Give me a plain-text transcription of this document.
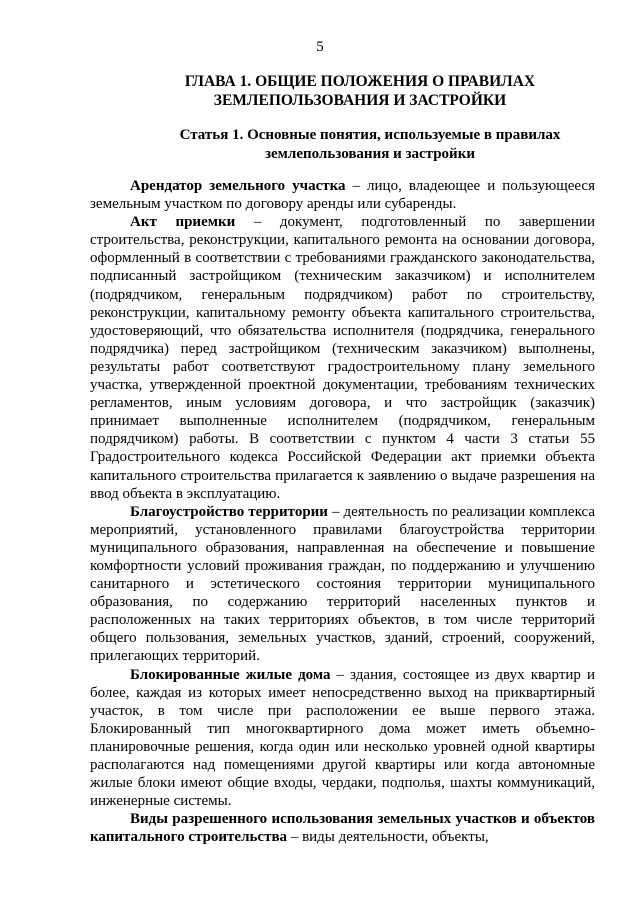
5
ГЛАВА 1. ОБЩИЕ ПОЛОЖЕНИЯ О ПРАВИЛАХ
ЗЕМЛЕПОЛЬЗОВАНИЯ И ЗАСТРОЙКИ
Статья 1. Основные понятия, используемые в правилах
землепользования и застройки

Арендатор земельного участка – лицо, владеющее и пользующееся земельным участком по договору аренды или субаренды.

Акт приемки – документ, подготовленный по завершении строительства, реконструкции, капитального ремонта на основании договора, оформленный в соответствии с требованиями гражданского законодательства, подписанный застройщиком (техническим заказчиком) и исполнителем (подрядчиком, генеральным подрядчиком) работ по строительству, реконструкции, капитальному ремонту объекта капитального строительства, удостоверяющий, что обязательства исполнителя (подрядчика, генерального подрядчика) перед застройщиком (техническим заказчиком) выполнены, результаты работ соответствуют градостроительному плану земельного участка, утвержденной проектной документации, требованиям технических регламентов, иным условиям договора, и что застройщик (заказчик) принимает выполненные исполнителем (подрядчиком, генеральным подрядчиком) работы. В соответствии с пунктом 4 части 3 статьи 55 Градостроительного кодекса Российской Федерации акт приемки объекта капитального строительства прилагается к заявлению о выдаче разрешения на ввод объекта в эксплуатацию.

Благоустройство территории – деятельность по реализации комплекса мероприятий, установленного правилами благоустройства территории муниципального образования, направленная на обеспечение и повышение комфортности условий проживания граждан, по поддержанию и улучшению санитарного и эстетического состояния территории муниципального образования, по содержанию территорий населенных пунктов и расположенных на таких территориях объектов, в том числе территорий общего пользования, земельных участков, зданий, строений, сооружений, прилегающих территорий.

Блокированные жилые дома – здания, состоящее из двух квартир и более, каждая из которых имеет непосредственно выход на приквартирный участок, в том числе при расположении ее выше первого этажа. Блокированный тип многоквартирного дома может иметь объемно-планировочные решения, когда один или несколько уровней одной квартиры располагаются над помещениями другой квартиры или когда автономные жилые блоки имеют общие входы, чердаки, подполья, шахты коммуникаций, инженерные системы.

Виды разрешенного использования земельных участков и объектов капитального строительства – виды деятельности, объекты,
